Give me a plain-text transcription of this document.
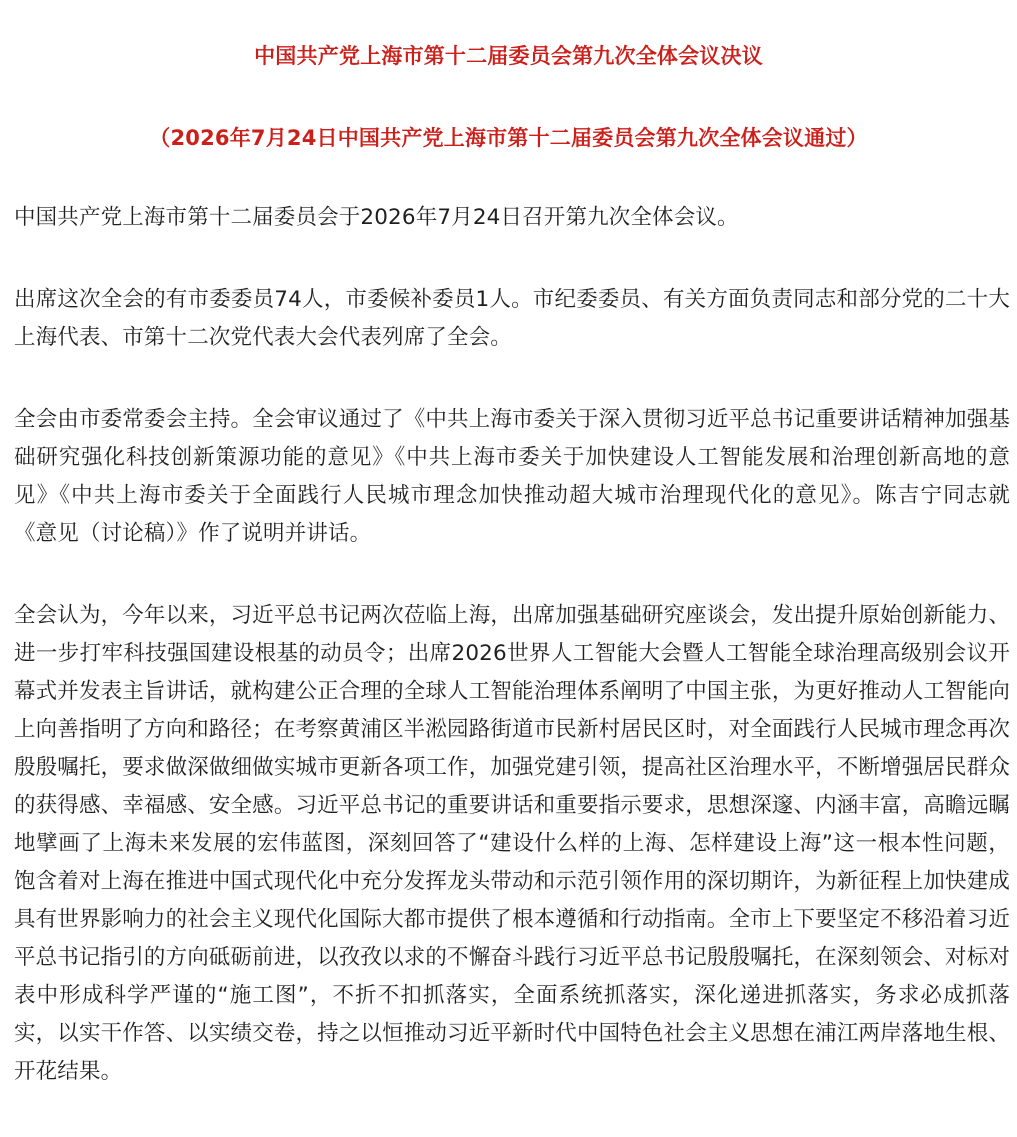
中国共产党上海市第十二届委员会第九次全体会议决议
（2026年7月24日中国共产党上海市第十二届委员会第九次全体会议通过）

中国共产党上海市第十二届委员会于2026年7月24日召开第九次全体会议。

出席这次全会的有市委委员74人，市委候补委员1人。市纪委委员、有关方面负责同志和部分党的二十大上海代表、市第十二次党代表大会代表列席了全会。

全会由市委常委会主持。全会审议通过了《中共上海市委关于深入贯彻习近平总书记重要讲话精神加强基础研究强化科技创新策源功能的意见》《中共上海市委关于加快建设人工智能发展和治理创新高地的意见》《中共上海市委关于全面践行人民城市理念加快推动超大城市治理现代化的意见》。陈吉宁同志就《意见（讨论稿）》作了说明并讲话。

全会认为，今年以来，习近平总书记两次莅临上海，出席加强基础研究座谈会，发出提升原始创新能力、进一步打牢科技强国建设根基的动员令；出席2026世界人工智能大会暨人工智能全球治理高级别会议开幕式并发表主旨讲话，就构建公正合理的全球人工智能治理体系阐明了中国主张，为更好推动人工智能向上向善指明了方向和路径；在考察黄浦区半淞园路街道市民新村居民区时，对全面践行人民城市理念再次殷殷嘱托，要求做深做细做实城市更新各项工作，加强党建引领，提高社区治理水平，不断增强居民群众的获得感、幸福感、安全感。习近平总书记的重要讲话和重要指示要求，思想深邃、内涵丰富，高瞻远瞩地擘画了上海未来发展的宏伟蓝图，深刻回答了“建设什么样的上海、怎样建设上海”这一根本性问题，饱含着对上海在推进中国式现代化中充分发挥龙头带动和示范引领作用的深切期许，为新征程上加快建成具有世界影响力的社会主义现代化国际大都市提供了根本遵循和行动指南。全市上下要坚定不移沿着习近平总书记指引的方向砥砺前进，以孜孜以求的不懈奋斗践行习近平总书记殷殷嘱托，在深刻领会、对标对表中形成科学严谨的“施工图”，不折不扣抓落实，全面系统抓落实，深化递进抓落实，务求必成抓落实，以实干作答、以实绩交卷，持之以恒推动习近平新时代中国特色社会主义思想在浦江两岸落地生根、开花结果。
